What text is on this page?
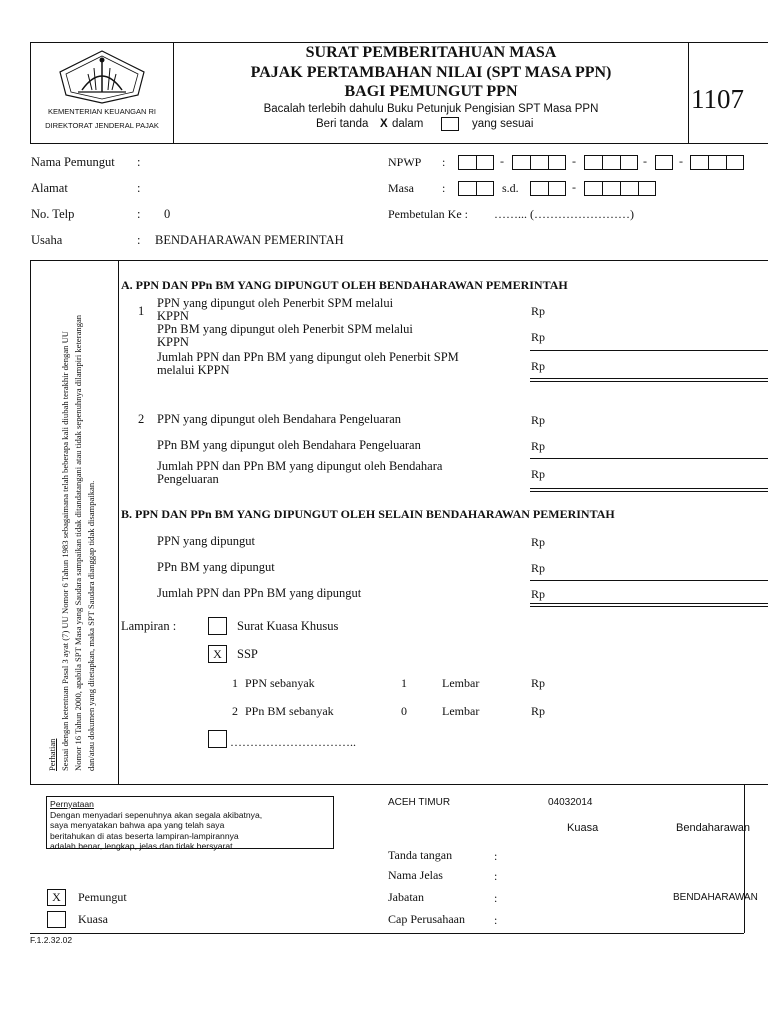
KEMENTERIAN KEUANGAN RI
DIREKTORAT JENDERAL PAJAK
SURAT PEMBERITAHUAN MASA
PAJAK PERTAMBAHAN NILAI (SPT MASA PPN)
BAGI PEMUNGUT PPN
Bacalah terlebih dahulu Buku Petunjuk Pengisian SPT Masa PPN
Beri tanda X dalam	yang sesuai
1107
Nama Pemungut :
Alamat	:
No. Telp	: 0
Usaha	: BENDAHARAWAN PEMERINTAH
NPWP :	-	-	-	-
Masa :	s.d.	-
Pembetulan Ke : ……... (……………………)
Perhatian Sesuai dengan ketentuan Pasal 3 ayat (7) UU Nomor 6 Tahun 1983 sebagaimana telah beberapa kali diubah terakhir dengan UU Nomor 16 Tahun 2000, apabila SPT Masa yang Saudara sampaikan tidak ditandatangani atau tidak sepenuhnya dilampiri keterangan dan/atau dokumen yang ditetapkan, maka SPT Saudara dianggap tidak disampaikan.
A. PPN DAN PPn BM YANG DIPUNGUT OLEH BENDAHARAWAN PEMERINTAH
1
PPN yang dipungut oleh Penerbit SPM melalui
KPPN	Rp
PPn BM yang dipungut oleh Penerbit SPM melalui
KPPN	Rp
Jumlah PPN dan PPn BM yang dipungut oleh Penerbit SPM
melalui KPPN	Rp
2 PPN yang dipungut oleh Bendahara Pengeluaran	Rp
PPn BM yang dipungut oleh Bendahara Pengeluaran	Rp
Jumlah PPN dan PPn BM yang dipungut oleh Bendahara
Pengeluaran	Rp
B. PPN DAN PPn BM YANG DIPUNGUT OLEH SELAIN BENDAHARAWAN PEMERINTAH
PPN yang dipungut	Rp
PPn BM yang dipungut	Rp
Jumlah PPN dan PPn BM yang dipungut	Rp
Lampiran :	Surat Kuasa Khusus
X	SSP
1 PPN sebanyak	1	Lembar	Rp
2 PPn BM sebanyak	0	Lembar	Rp
…………………………..
Pernyataan
Dengan menyadari sepenuhnya akan segala akibatnya,
saya menyatakan bahwa apa yang telah saya
beritahukan di atas beserta lampiran-lampirannya
adalah benar, lengkap, jelas dan tidak bersyarat
X	Pemungut
Kuasa
ACEH TIMUR	04032014
Kuasa	Bendaharawan
Tanda tangan	:
Nama Jelas	:
Jabatan	:	BENDAHARAWAN
Cap Perusahaan :
F.1.2.32.02
